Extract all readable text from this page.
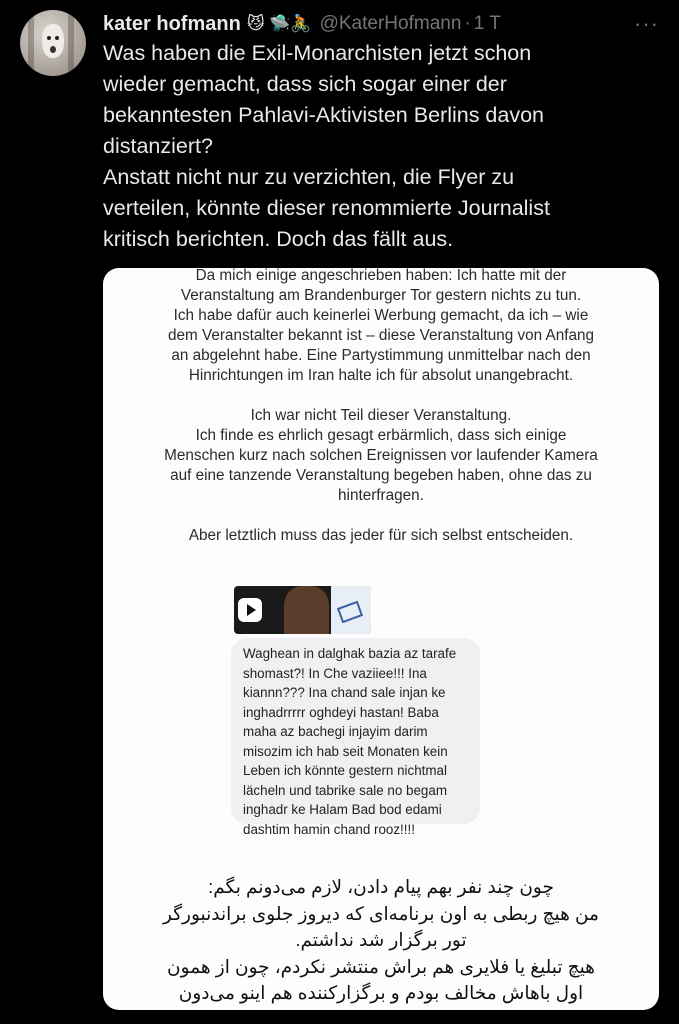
kater hofmann 😼 🛸🚴 @KaterHofmann · 1 T	···

Was haben die Exil-Monarchisten jetzt schon
wieder gemacht, dass sich sogar einer der
bekanntesten Pahlavi-Aktivisten Berlins davon
distanziert?

Anstatt nicht nur zu verzichten, die Flyer zu
verteilen, könnte dieser renommierte Journalist
kritisch berichten. Doch das fällt aus.

Da mich einige angeschrieben haben: Ich hatte mit der
Veranstaltung am Brandenburger Tor gestern nichts zu tun.
Ich habe dafür auch keinerlei Werbung gemacht, da ich – wie
dem Veranstalter bekannt ist – diese Veranstaltung von Anfang
an abgelehnt habe. Eine Partystimmung unmittelbar nach den
Hinrichtungen im Iran halte ich für absolut unangebracht.

Ich war nicht Teil dieser Veranstaltung.
Ich finde es ehrlich gesagt erbärmlich, dass sich einige
Menschen kurz nach solchen Ereignissen vor laufender Kamera
auf eine tanzende Veranstaltung begeben haben, ohne das zu
hinterfragen.

Aber letztlich muss das jeder für sich selbst entscheiden.

Waghean in dalghak bazia az tarafe
shomast?! In Che vaziiee!!! Ina
kiannn??? Ina chand sale injan ke
inghadrrrrr oghdeyi hastan! Baba
maha az bachegi injayim darim
misozim ich hab seit Monaten kein
Leben ich könnte gestern nichtmal
lächeln und tabrike sale no begam
inghadr ke Halam Bad bod edami
dashtim hamin chand rooz!!!!

چون چند نفر بهم پیام دادن، لازم می‌دونم بگم:

من هیچ ربطی به اون برنامه‌ای که دیروز جلوی براندنبورگر
تور برگزار شد نداشتم.

هیچ تبلیغ یا فلایری هم براش منتشر نکردم، چون از همون
اول باهاش مخالف بودم و برگزارکننده هم اینو می‌دون
